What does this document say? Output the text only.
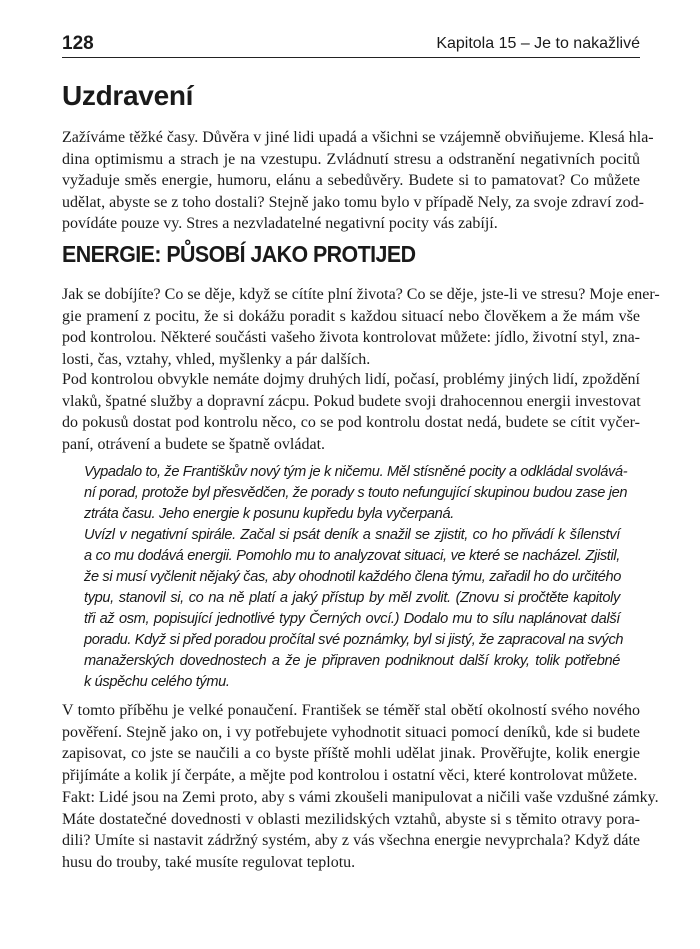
128	Kapitola 15 – Je to nakažlivé
Uzdravení
ENERGIE: PŮSOBÍ JAKO PROTIJED
Zažíváme těžké časy. Důvěra v jiné lidi upadá a všichni se vzájemně obviňujeme. Klesá hla-
dina optimismu a strach je na vzestupu. Zvládnutí stresu a odstranění negativních pocitů
vyžaduje směs energie, humoru, elánu a sebedůvěry. Budete si to pamatovat? Co můžete
udělat, abyste se z toho dostali? Stejně jako tomu bylo v případě Nely, za svoje zdraví zod-
povídáte pouze vy. Stres a nezvladatelné negativní pocity vás zabíjí.
Jak se dobíjíte? Co se děje, když se cítíte plní života? Co se děje, jste-li ve stresu? Moje ener-
gie pramení z pocitu, že si dokážu poradit s každou situací nebo člověkem a že mám vše
pod kontrolou. Některé součásti vašeho života kontrolovat můžete: jídlo, životní styl, zna-
losti, čas, vztahy, vhled, myšlenky a pár dalších.
Pod kontrolou obvykle nemáte dojmy druhých lidí, počasí, problémy jiných lidí, zpoždění
vlaků, špatné služby a dopravní zácpu. Pokud budete svoji drahocennou energii investovat
do pokusů dostat pod kontrolu něco, co se pod kontrolu dostat nedá, budete se cítit vyčer-
paní, otrávení a budete se špatně ovládat.
Vypadalo to, že Františkův nový tým je k ničemu. Měl stísněné pocity a odkládal svolává-
ní porad, protože byl přesvědčen, že porady s touto nefungující skupinou budou zase jen
ztráta času. Jeho energie k posunu kupředu byla vyčerpaná.
Uvízl v negativní spirále. Začal si psát deník a snažil se zjistit, co ho přivádí k šílenství
a co mu dodává energii. Pomohlo mu to analyzovat situaci, ve které se nacházel. Zjistil,
že si musí vyčlenit nějaký čas, aby ohodnotil každého člena týmu, zařadil ho do určitého
typu, stanovil si, co na ně platí a jaký přístup by měl zvolit. (Znovu si pročtěte kapitoly
tři až osm, popisující jednotlivé typy Černých ovcí.) Dodalo mu to sílu naplánovat další
poradu. Když si před poradou pročítal své poznámky, byl si jistý, že zapracoval na svých
manažerských dovednostech a že je připraven podniknout další kroky, tolik potřebné
k úspěchu celého týmu.
V tomto příběhu je velké ponaučení. František se téměř stal obětí okolností svého nového
pověření. Stejně jako on, i vy potřebujete vyhodnotit situaci pomocí deníků, kde si budete
zapisovat, co jste se naučili a co byste příště mohli udělat jinak. Prověřujte, kolik energie
přijímáte a kolik jí čerpáte, a mějte pod kontrolou i ostatní věci, které kontrolovat můžete.
Fakt: Lidé jsou na Zemi proto, aby s vámi zkoušeli manipulovat a ničili vaše vzdušné zámky.
Máte dostatečné dovednosti v oblasti mezilidských vztahů, abyste si s těmito otravy pora-
dili? Umíte si nastavit zádržný systém, aby z vás všechna energie nevyprchala? Když dáte
husu do trouby, také musíte regulovat teplotu.
